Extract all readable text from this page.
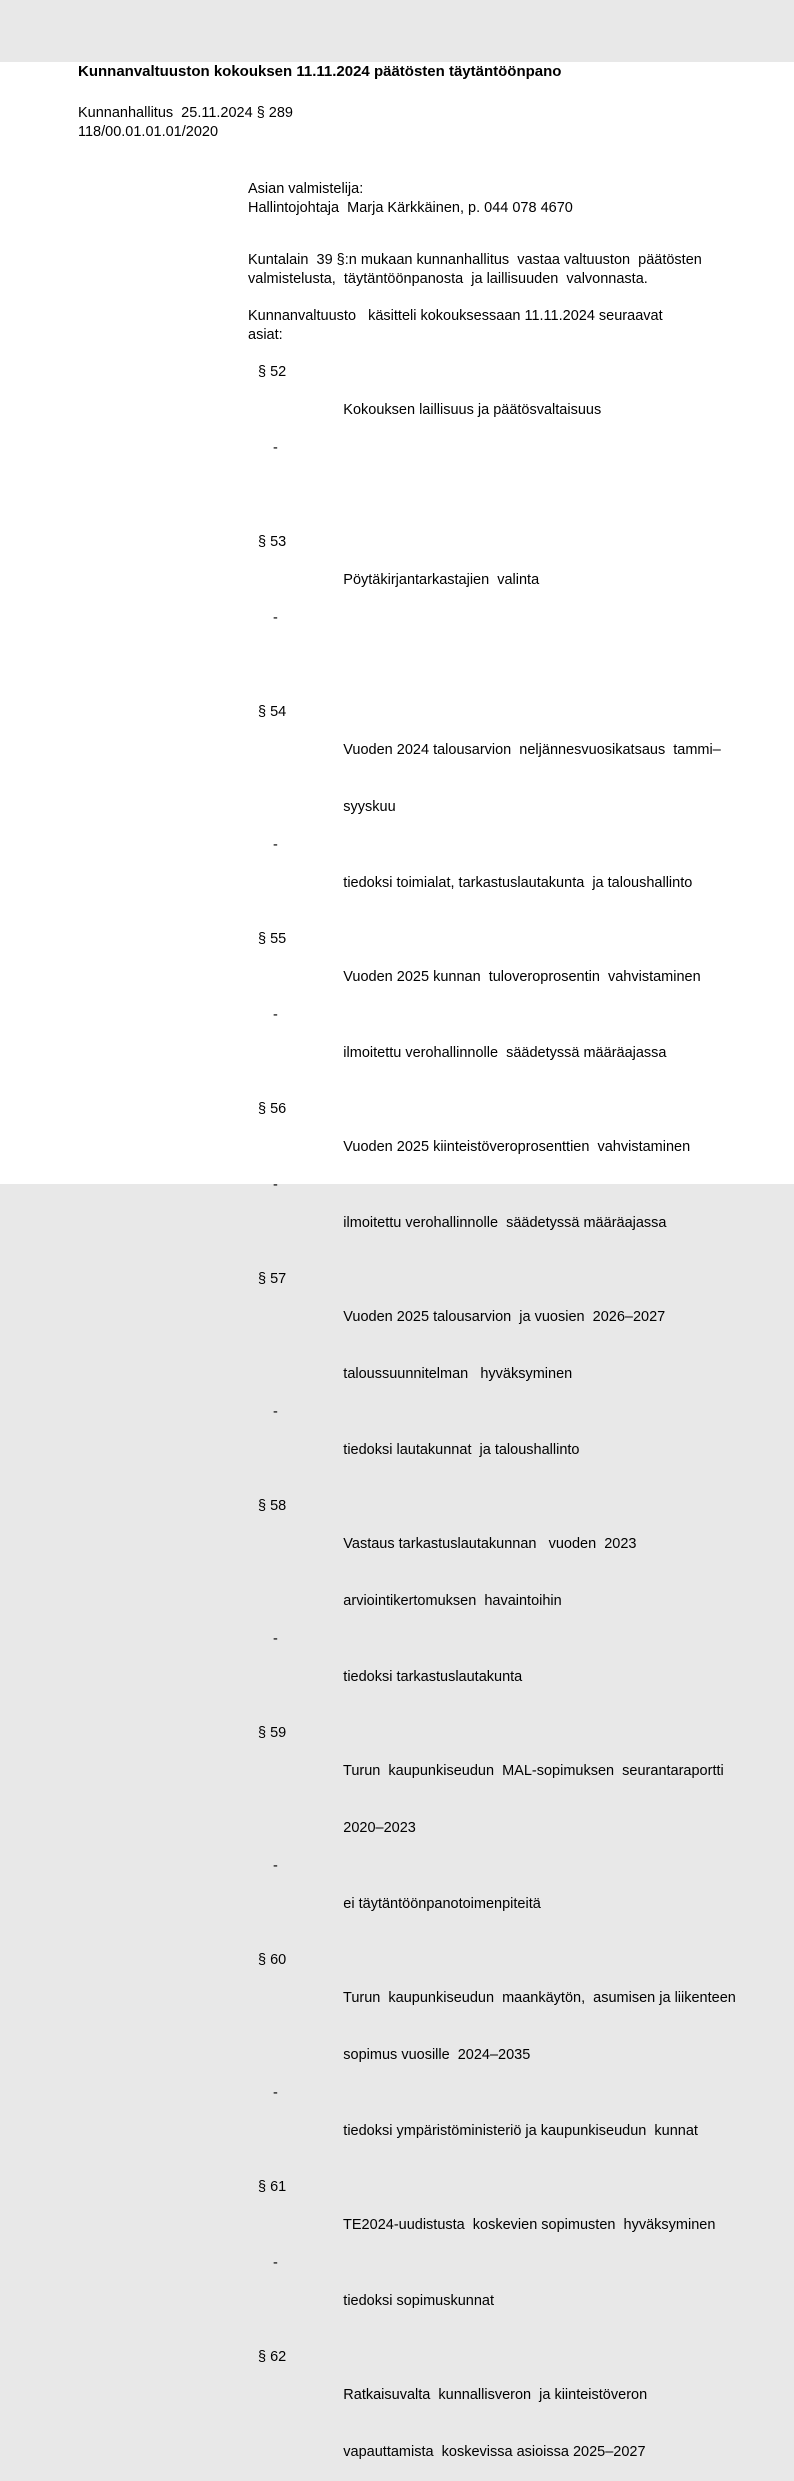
Kunnanvaltuuston kokouksen 11.11.2024 päätösten täytäntöönpano
Kunnanhallitus  25.11.2024 § 289
118/00.01.01.01/2020
Asian valmistelija:
Hallintojohtaja  Marja Kärkkäinen, p. 044 078 4670
Kuntalain  39 §:n mukaan kunnanhallitus  vastaa valtuuston  päätösten
valmistelusta,  täytäntöönpanosta  ja laillisuuden  valvonnasta.
Kunnanvaltuusto   käsitteli kokouksessaan 11.11.2024 seuraavat
asiat:

§ 52

Kokouksen laillisuus ja päätösvaltaisuus

-

§ 53

Pöytäkirjantarkastajien  valinta

-

§ 54

Vuoden 2024 talousarvion  neljännesvuosikatsaus  tammi–

syyskuu

-

tiedoksi toimialat, tarkastuslautakunta  ja taloushallinto

§ 55

Vuoden 2025 kunnan  tuloveroprosentin  vahvistaminen

-

ilmoitettu verohallinnolle  säädetyssä määräajassa

§ 56

Vuoden 2025 kiinteistöveroprosenttien  vahvistaminen

-

ilmoitettu verohallinnolle  säädetyssä määräajassa

§ 57

Vuoden 2025 talousarvion  ja vuosien  2026–2027

taloussuunnitelman   hyväksyminen

-

tiedoksi lautakunnat  ja taloushallinto

§ 58

Vastaus tarkastuslautakunnan   vuoden  2023

arviointikertomuksen  havaintoihin

-

tiedoksi tarkastuslautakunta

§ 59

Turun  kaupunkiseudun  MAL-sopimuksen  seurantaraportti

2020–2023

-

ei täytäntöönpanotoimenpiteitä

§ 60

Turun  kaupunkiseudun  maankäytön,  asumisen ja liikenteen

sopimus vuosille  2024–2035

-

tiedoksi ympäristöministeriö ja kaupunkiseudun  kunnat

§ 61

TE2024-uudistusta  koskevien sopimusten  hyväksyminen

-

tiedoksi sopimuskunnat

§ 62

Ratkaisuvalta  kunnallisveron  ja kiinteistöveron

vapauttamista  koskevissa asioissa 2025–2027
